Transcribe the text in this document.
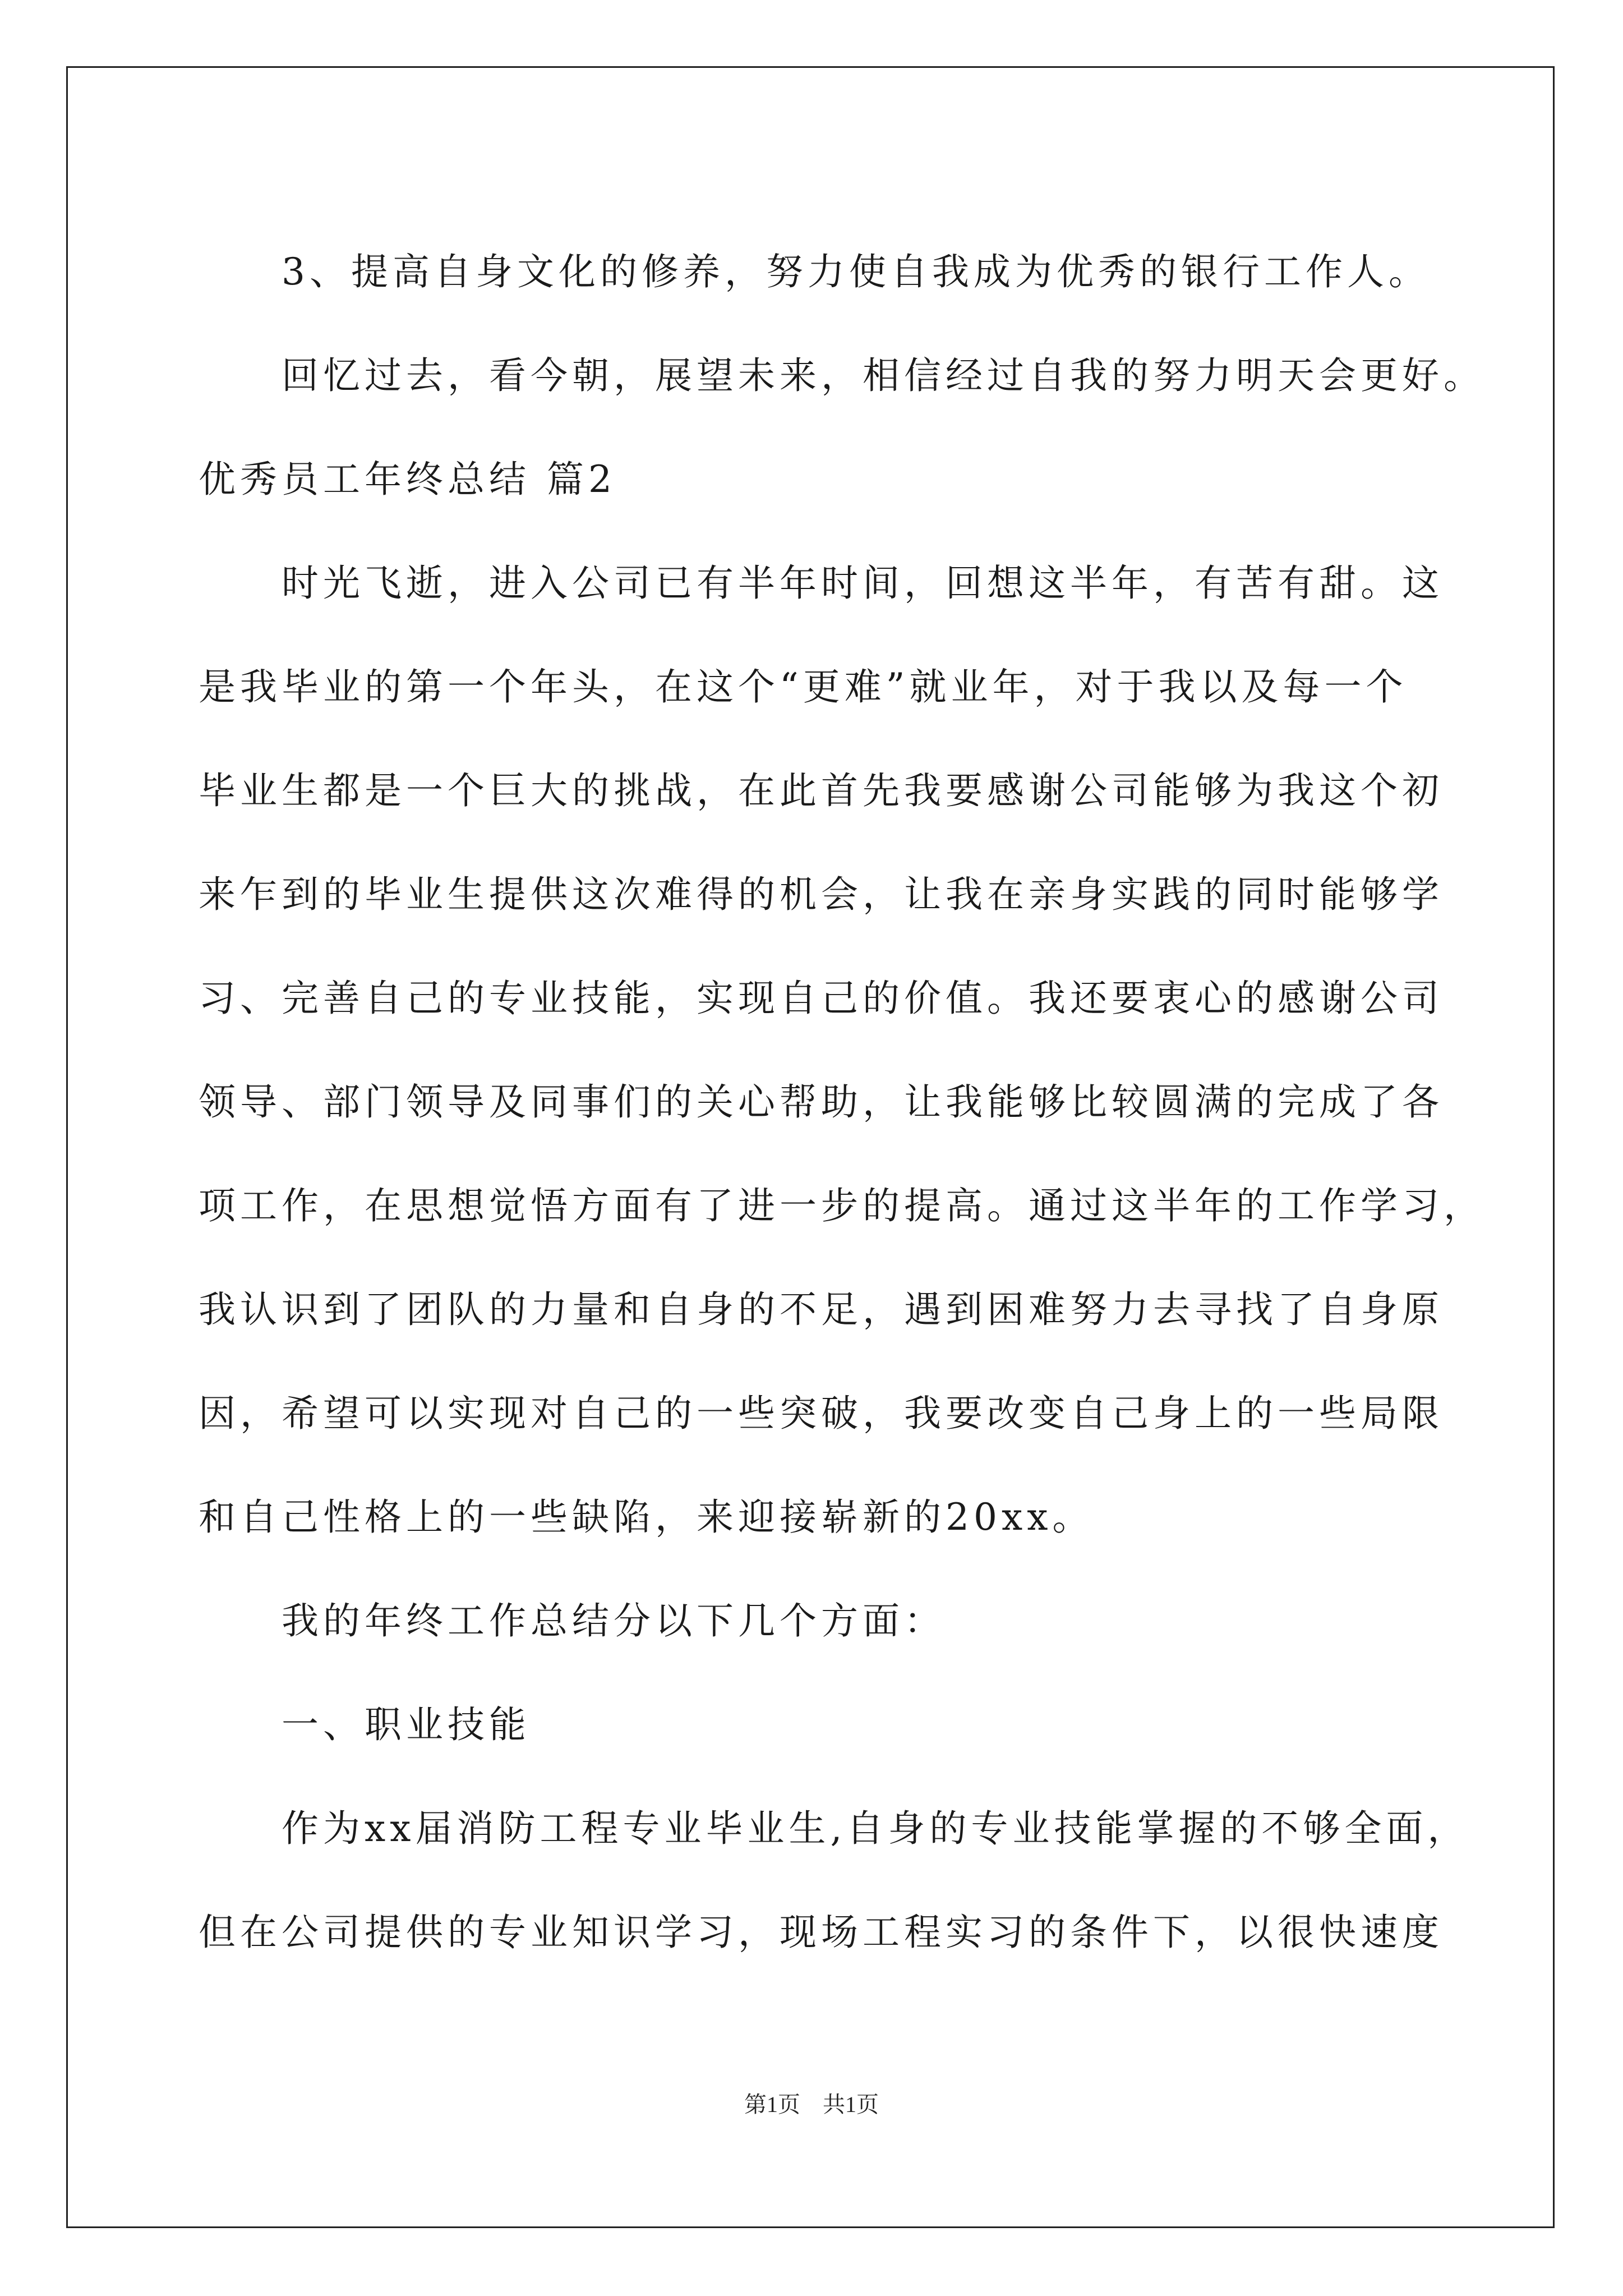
3、提高自身文化的修养，努力使自我成为优秀的银行工作人。
回忆过去，看今朝，展望未来，相信经过自我的努力明天会更好。
优秀员工年终总结 篇2
时光飞逝，进入公司已有半年时间，回想这半年，有苦有甜。这
是我毕业的第一个年头，在这个“更难”就业年，对于我以及每一个
毕业生都是一个巨大的挑战，在此首先我要感谢公司能够为我这个初
来乍到的毕业生提供这次难得的机会，让我在亲身实践的同时能够学
习、完善自己的专业技能，实现自己的价值。我还要衷心的感谢公司
领导、部门领导及同事们的关心帮助，让我能够比较圆满的完成了各
项工作，在思想觉悟方面有了进一步的提高。通过这半年的工作学习，
我认识到了团队的力量和自身的不足，遇到困难努力去寻找了自身原
因，希望可以实现对自己的一些突破，我要改变自己身上的一些局限
和自己性格上的一些缺陷，来迎接崭新的20xx。
我的年终工作总结分以下几个方面：
一、职业技能
作为xx届消防工程专业毕业生,自身的专业技能掌握的不够全面，
但在公司提供的专业知识学习，现场工程实习的条件下，以很快速度
第1页　共1页
